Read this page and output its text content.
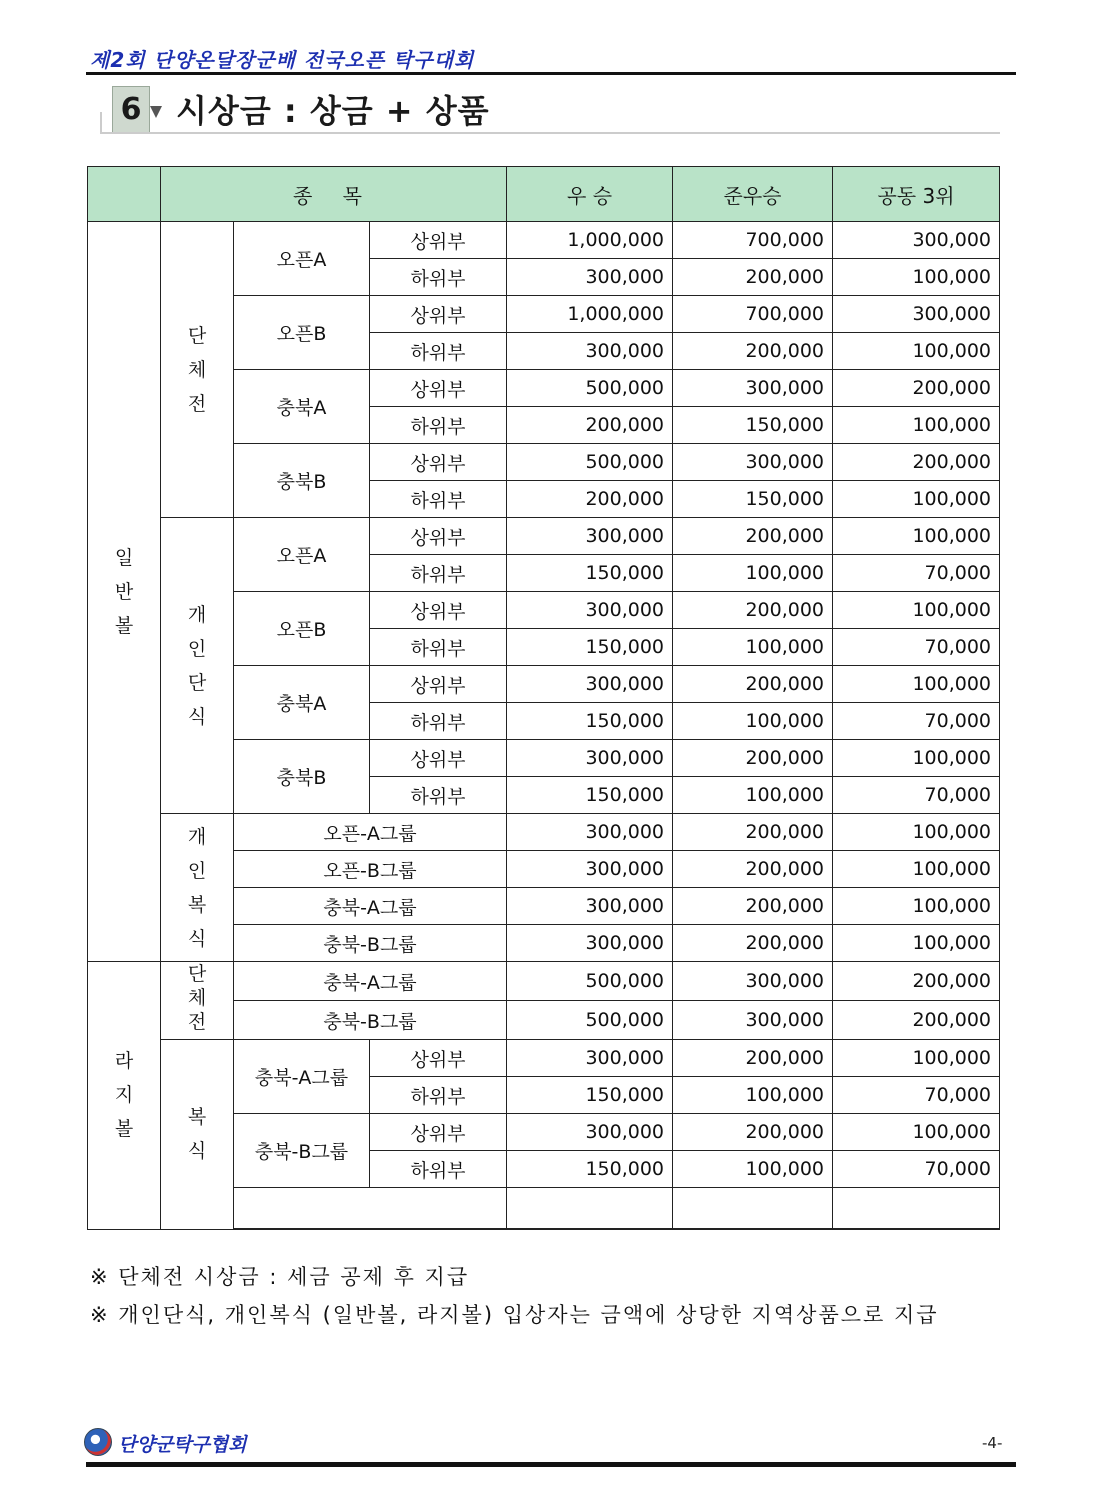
제2회 단양온달장군배 전국오픈 탁구대회
6 시상금 : 상금 + 상품
	종 목			우 승	준우승	공동 3위
일반볼	단체전	오픈A	상위부	1,000,000	700,000	300,000
			하위부	300,000	200,000	100,000
		오픈B	상위부	1,000,000	700,000	300,000
			하위부	300,000	200,000	100,000
		충북A	상위부	500,000	300,000	200,000
			하위부	200,000	150,000	100,000
		충북B	상위부	500,000	300,000	200,000
			하위부	200,000	150,000	100,000
	개인단식	오픈A	상위부	300,000	200,000	100,000
			하위부	150,000	100,000	70,000
		오픈B	상위부	300,000	200,000	100,000
			하위부	150,000	100,000	70,000
		충북A	상위부	300,000	200,000	100,000
			하위부	150,000	100,000	70,000
		충북B	상위부	300,000	200,000	100,000
			하위부	150,000	100,000	70,000
	개인복식	오픈-A그룹		300,000	200,000	100,000
		오픈-B그룹		300,000	200,000	100,000
		충북-A그룹		300,000	200,000	100,000
		충북-B그룹		300,000	200,000	100,000
라지볼	단체전	충북-A그룹		500,000	300,000	200,000
		충북-B그룹		500,000	300,000	200,000
	복식	충북-A그룹	상위부	300,000	200,000	100,000
			하위부	150,000	100,000	70,000
		충북-B그룹	상위부	300,000	200,000	100,000
			하위부	150,000	100,000	70,000

※ 단체전 시상금 : 세금 공제 후 지급
※ 개인단식, 개인복식 (일반볼, 라지볼) 입상자는 금액에 상당한 지역상품으로 지급
단양군탁구협회	-4-
